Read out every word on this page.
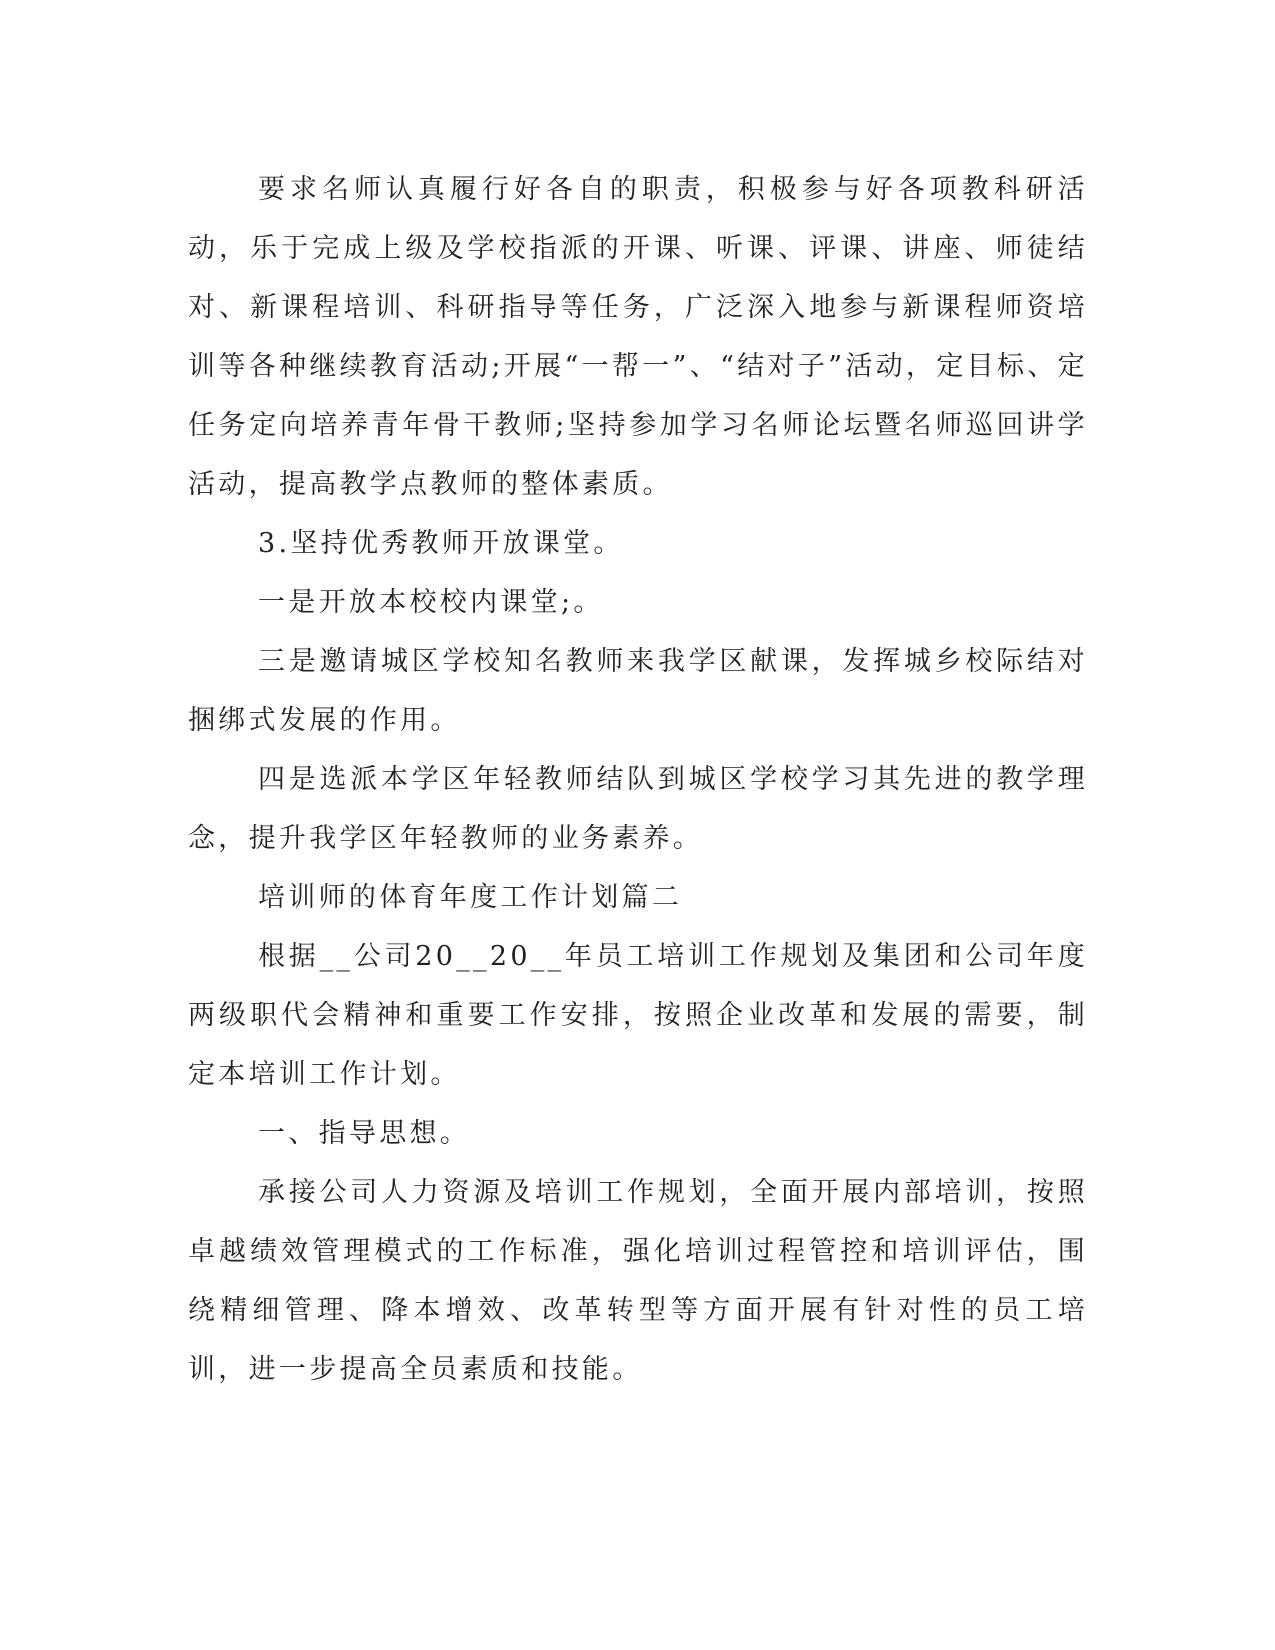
要求名师认真履行好各自的职责，积极参与好各项教科研活动，乐于完成上级及学校指派的开课、听课、评课、讲座、师徒结对、新课程培训、科研指导等任务，广泛深入地参与新课程师资培训等各种继续教育活动;开展“一帮一”、“结对子”活动，定目标、定任务定向培养青年骨干教师;坚持参加学习名师论坛暨名师巡回讲学活动，提高教学点教师的整体素质。

3.坚持优秀教师开放课堂。

一是开放本校校内课堂;。

三是邀请城区学校知名教师来我学区献课，发挥城乡校际结对捆绑式发展的作用。

四是选派本学区年轻教师结队到城区学校学习其先进的教学理念，提升我学区年轻教师的业务素养。

培训师的体育年度工作计划篇二

根据__公司20__20__年员工培训工作规划及集团和公司年度两级职代会精神和重要工作安排，按照企业改革和发展的需要，制定本培训工作计划。

一、指导思想。

承接公司人力资源及培训工作规划，全面开展内部培训，按照卓越绩效管理模式的工作标准，强化培训过程管控和培训评估，围绕精细管理、降本增效、改革转型等方面开展有针对性的员工培训，进一步提高全员素质和技能。
